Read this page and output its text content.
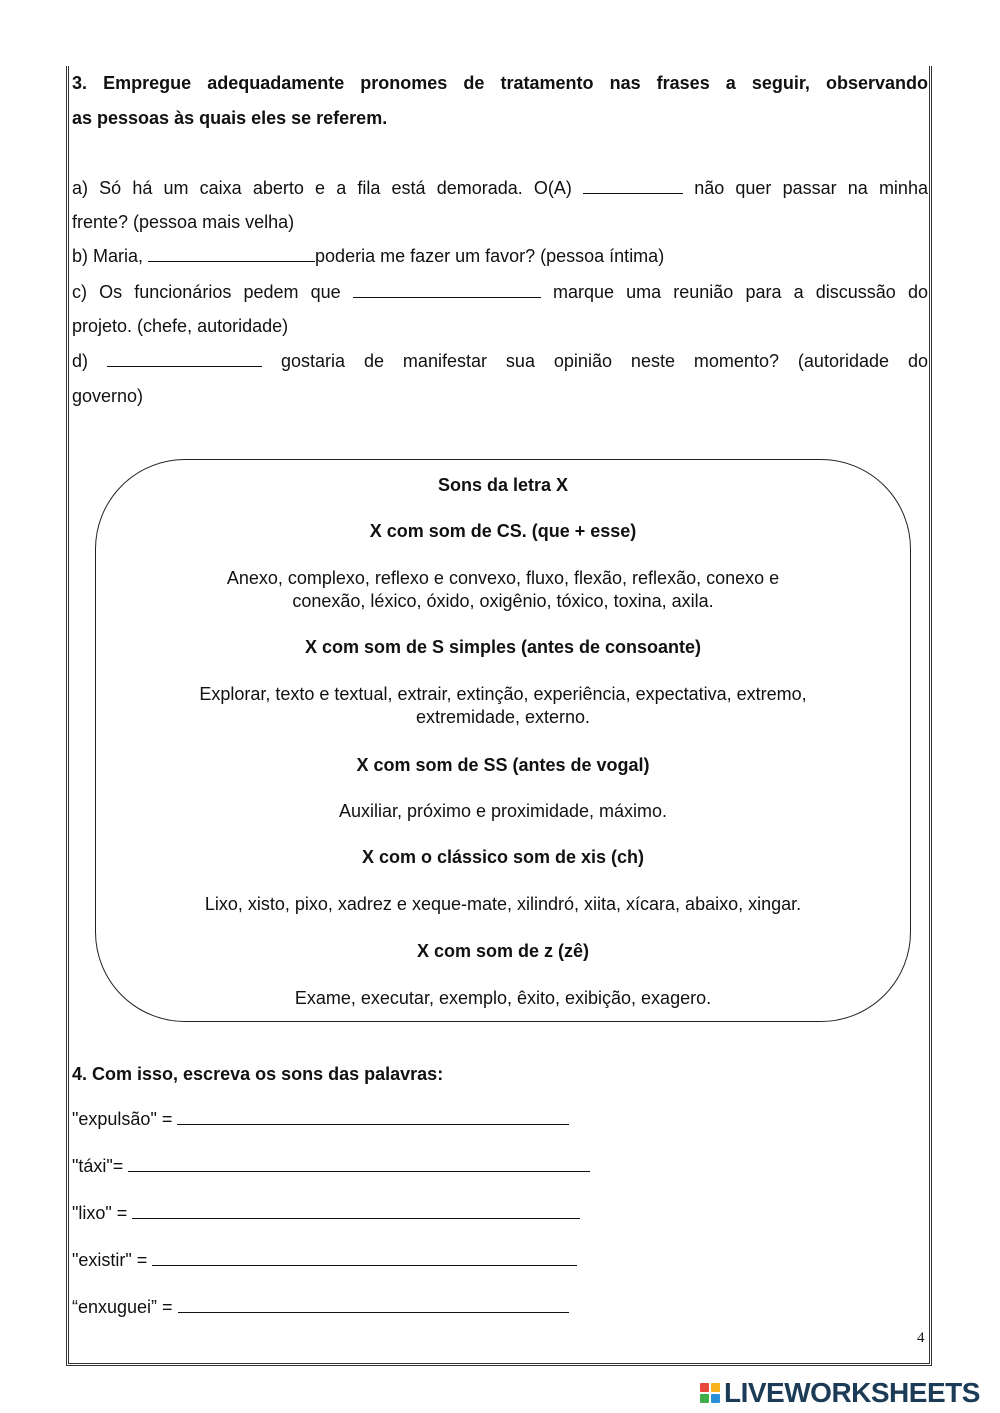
3. Empregue adequadamente pronomes de tratamento nas frases a seguir, observando
as pessoas às quais eles se referem.
a) Só há um caixa aberto e a fila está demorada. O(A)	não quer passar na minha
frente? (pessoa mais velha)
b) Maria,	poderia me fazer um favor? (pessoa íntima)
c) Os funcionários pedem que	marque uma reunião para a discussão do
projeto. (chefe, autoridade)
d)	gostaria de manifestar sua opinião neste momento? (autoridade do
governo)
Sons da letra X
X com som de CS. (que + esse)
Anexo, complexo, reflexo e convexo, fluxo, flexão, reflexão, conexo e
conexão, léxico, óxido, oxigênio, tóxico, toxina, axila.
X com som de S simples (antes de consoante)
Explorar, texto e textual, extrair, extinção, experiência, expectativa, extremo,
extremidade, externo.
X com som de SS (antes de vogal)
Auxiliar, próximo e proximidade, máximo.
X com o clássico som de xis (ch)
Lixo, xisto, pixo, xadrez e xeque-mate, xilindró, xiita, xícara, abaixo, xingar.
X com som de z (zê)
Exame, executar, exemplo, êxito, exibição, exagero.
4. Com isso, escreva os sons das palavras:
"expulsão" =
"táxi"=
"lixo" =
"existir" =
“enxuguei” =
4
LIVEWORKSHEETS
